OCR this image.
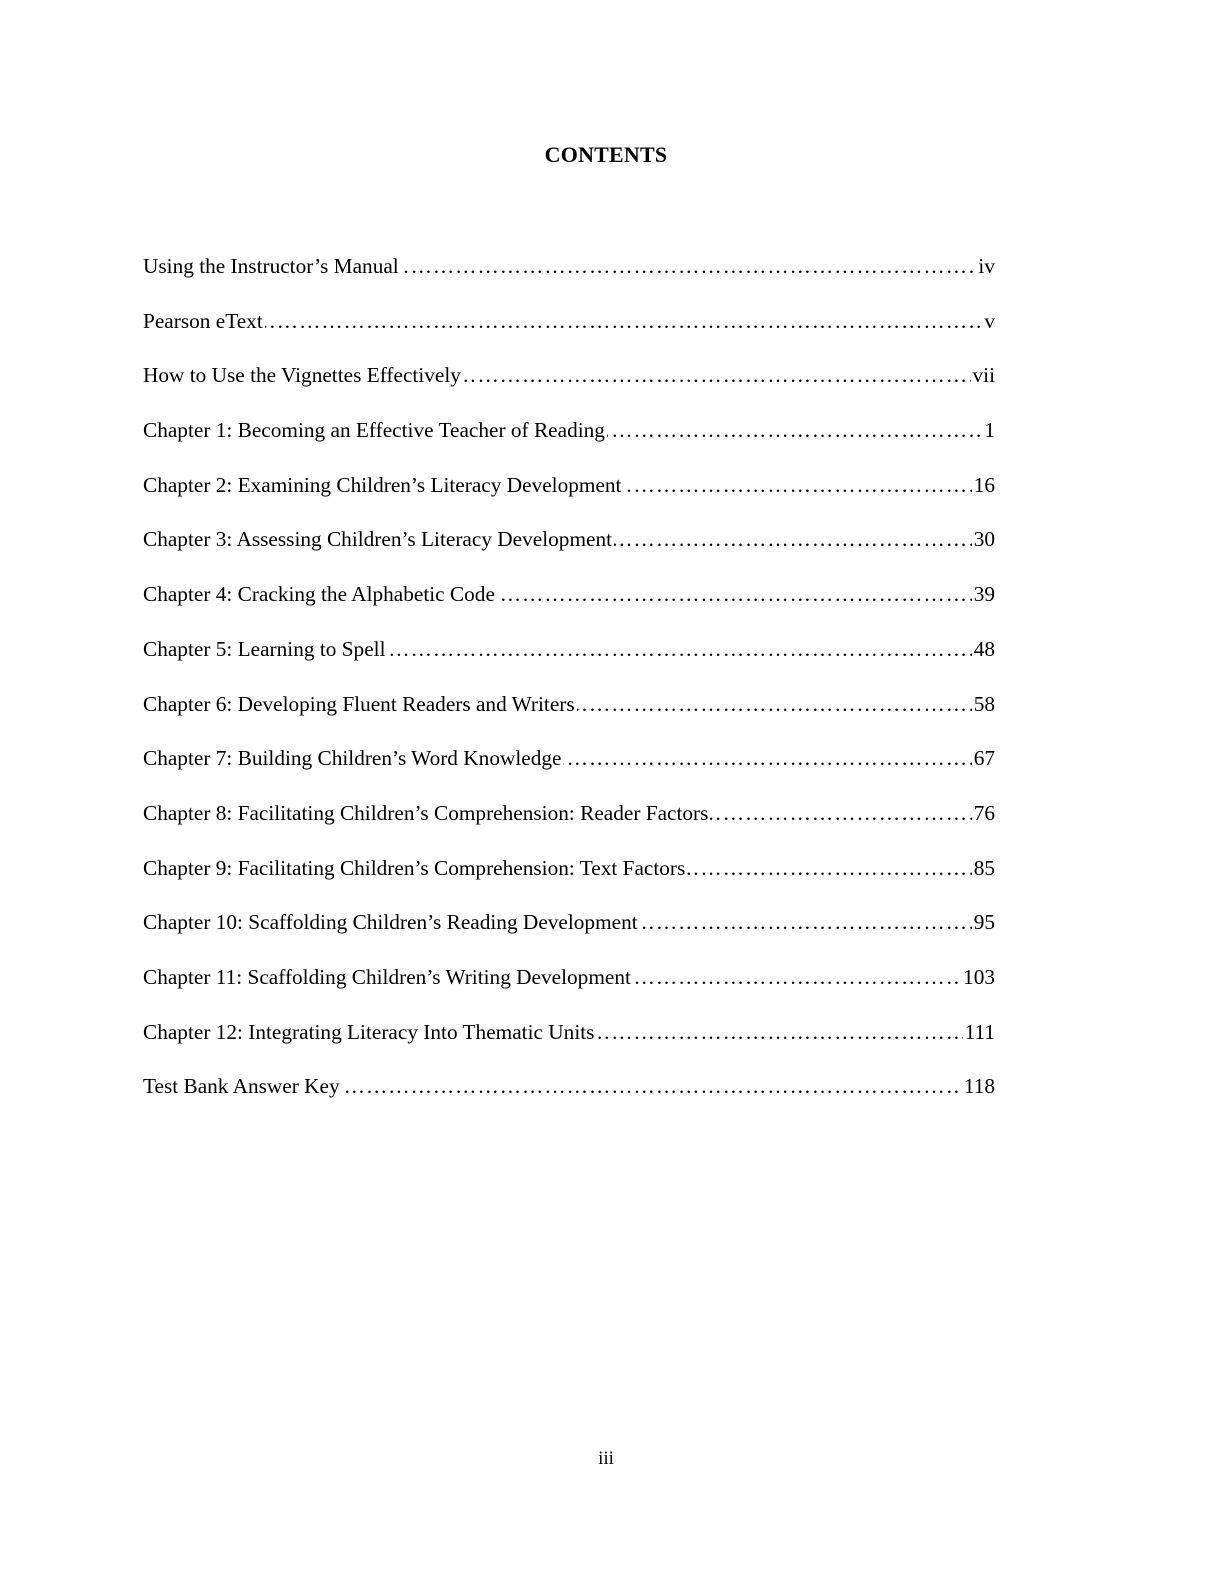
CONTENTS
……………………………………………………………………………………………………………………………………………
Using the Instructor’s Manual	iv
……………………………………………………………………………………………………………………………………………
Pearson eText	v
……………………………………………………………………………………………………………………………………………
How to Use the Vignettes Effectively	vii
……………………………………………………………………………………………………………………………………………
Chapter 1: Becoming an Effective Teacher of Reading	1
……………………………………………………………………………………………………………………………………………
Chapter 2: Examining Children’s Literacy Development	16
……………………………………………………………………………………………………………………………………………
Chapter 3: Assessing Children’s Literacy Development	30
……………………………………………………………………………………………………………………………………………
Chapter 4: Cracking the Alphabetic Code	39
……………………………………………………………………………………………………………………………………………
Chapter 5: Learning to Spell	48
……………………………………………………………………………………………………………………………………………
Chapter 6: Developing Fluent Readers and Writers	58
……………………………………………………………………………………………………………………………………………
Chapter 7: Building Children’s Word Knowledge	67
……………………………………………………………………………………………………………………………………………
Chapter 8: Facilitating Children’s Comprehension: Reader Factors	76
……………………………………………………………………………………………………………………………………………
Chapter 9: Facilitating Children’s Comprehension: Text Factors	85
……………………………………………………………………………………………………………………………………………
Chapter 10: Scaffolding Children’s Reading Development	95
……………………………………………………………………………………………………………………………………………
Chapter 11: Scaffolding Children’s Writing Development	103
……………………………………………………………………………………………………………………………………………
Chapter 12: Integrating Literacy Into Thematic Units	111
……………………………………………………………………………………………………………………………………………
Test Bank Answer Key	118
iii
